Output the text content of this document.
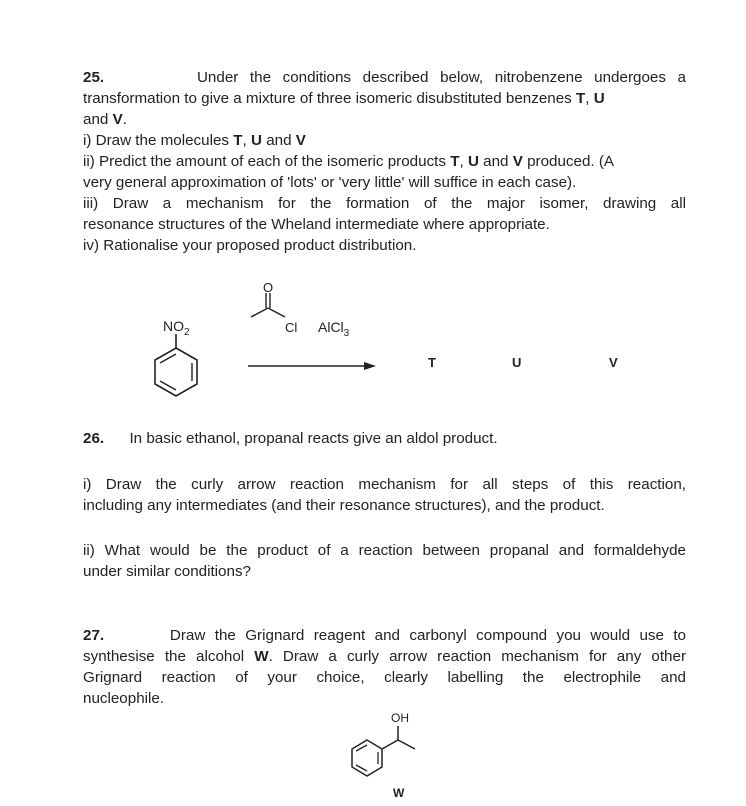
25.	Under the conditions described below, nitrobenzene undergoes a
transformation to give a mixture of three isomeric disubstituted benzenes T, U
and V.
i) Draw the molecules T, U and V
ii) Predict the amount of each of the isomeric products T, U and V produced. (A
very general approximation of 'lots' or 'very little' will suffice in each case).
iii) Draw a mechanism for the formation of the major isomer, drawing all
resonance structures of the Wheland intermediate where appropriate.
iv) Rationalise your proposed product distribution.
$NO_2$
O
Cl AlCl$_3$
T	U	V
26. In basic ethanol, propanal reacts give an aldol product.
i) Draw the curly arrow reaction mechanism for all steps of this reaction,
including any intermediates (and their resonance structures), and the product.
ii) What would be the product of a reaction between propanal and formaldehyde
under similar conditions?
27.	Draw the Grignard reagent and carbonyl compound you would use to
synthesise the alcohol W. Draw a curly arrow reaction mechanism for any other
Grignard reaction of your choice, clearly labelling the electrophile and
nucleophile.
OH
W
